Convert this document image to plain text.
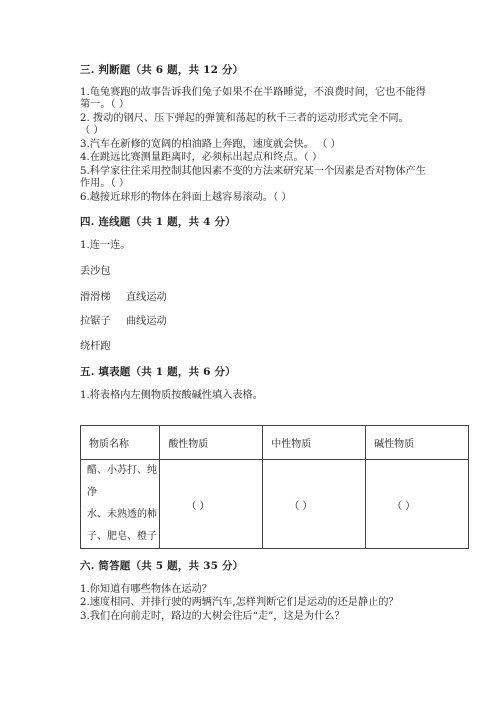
三. 判断题（共 6 题，共 12 分）
1.龟兔赛跑的故事告诉我们兔子如果不在半路睡觉，不浪费时间，它也不能得
第一。（ ）
2. 拨动的钢尺、压下弹起的弹簧和荡起的秋千三者的运动形式完全不同。
（ ）
3.汽车在新修的宽阔的柏油路上奔跑，速度就会快。 （ ）
4.在跳远比赛测量距离时，必须标出起点和终点。（ ）
5.科学家往往采用控制其他因素不变的方法来研究某一个因素是否对物体产生
作用。（ ）
6.越接近球形的物体在斜面上越容易滚动。（ ）
四. 连线题（共 1 题，共 4 分）
1.连一连。
丢沙包
滑滑梯 直线运动
拉锯子 曲线运动
绕杆跑
五. 填表题（共 1 题，共 6 分）
1.将表格内左侧物质按酸碱性填入表格。
物质名称	酸性物质	中性物质	碱性物质

醋、小苏打、纯净
水、未熟透的柿
子、肥皂、橙子	（ ）	（ ）	（ ）
六. 简答题（共 5 题，共 35 分）
1.你知道有哪些物体在运动？
2.速度相同、并排行驶的两辆汽车,怎样判断它们是运动的还是静止的？
3.我们在向前走时，路边的大树会往后“走”，这是为什么？
